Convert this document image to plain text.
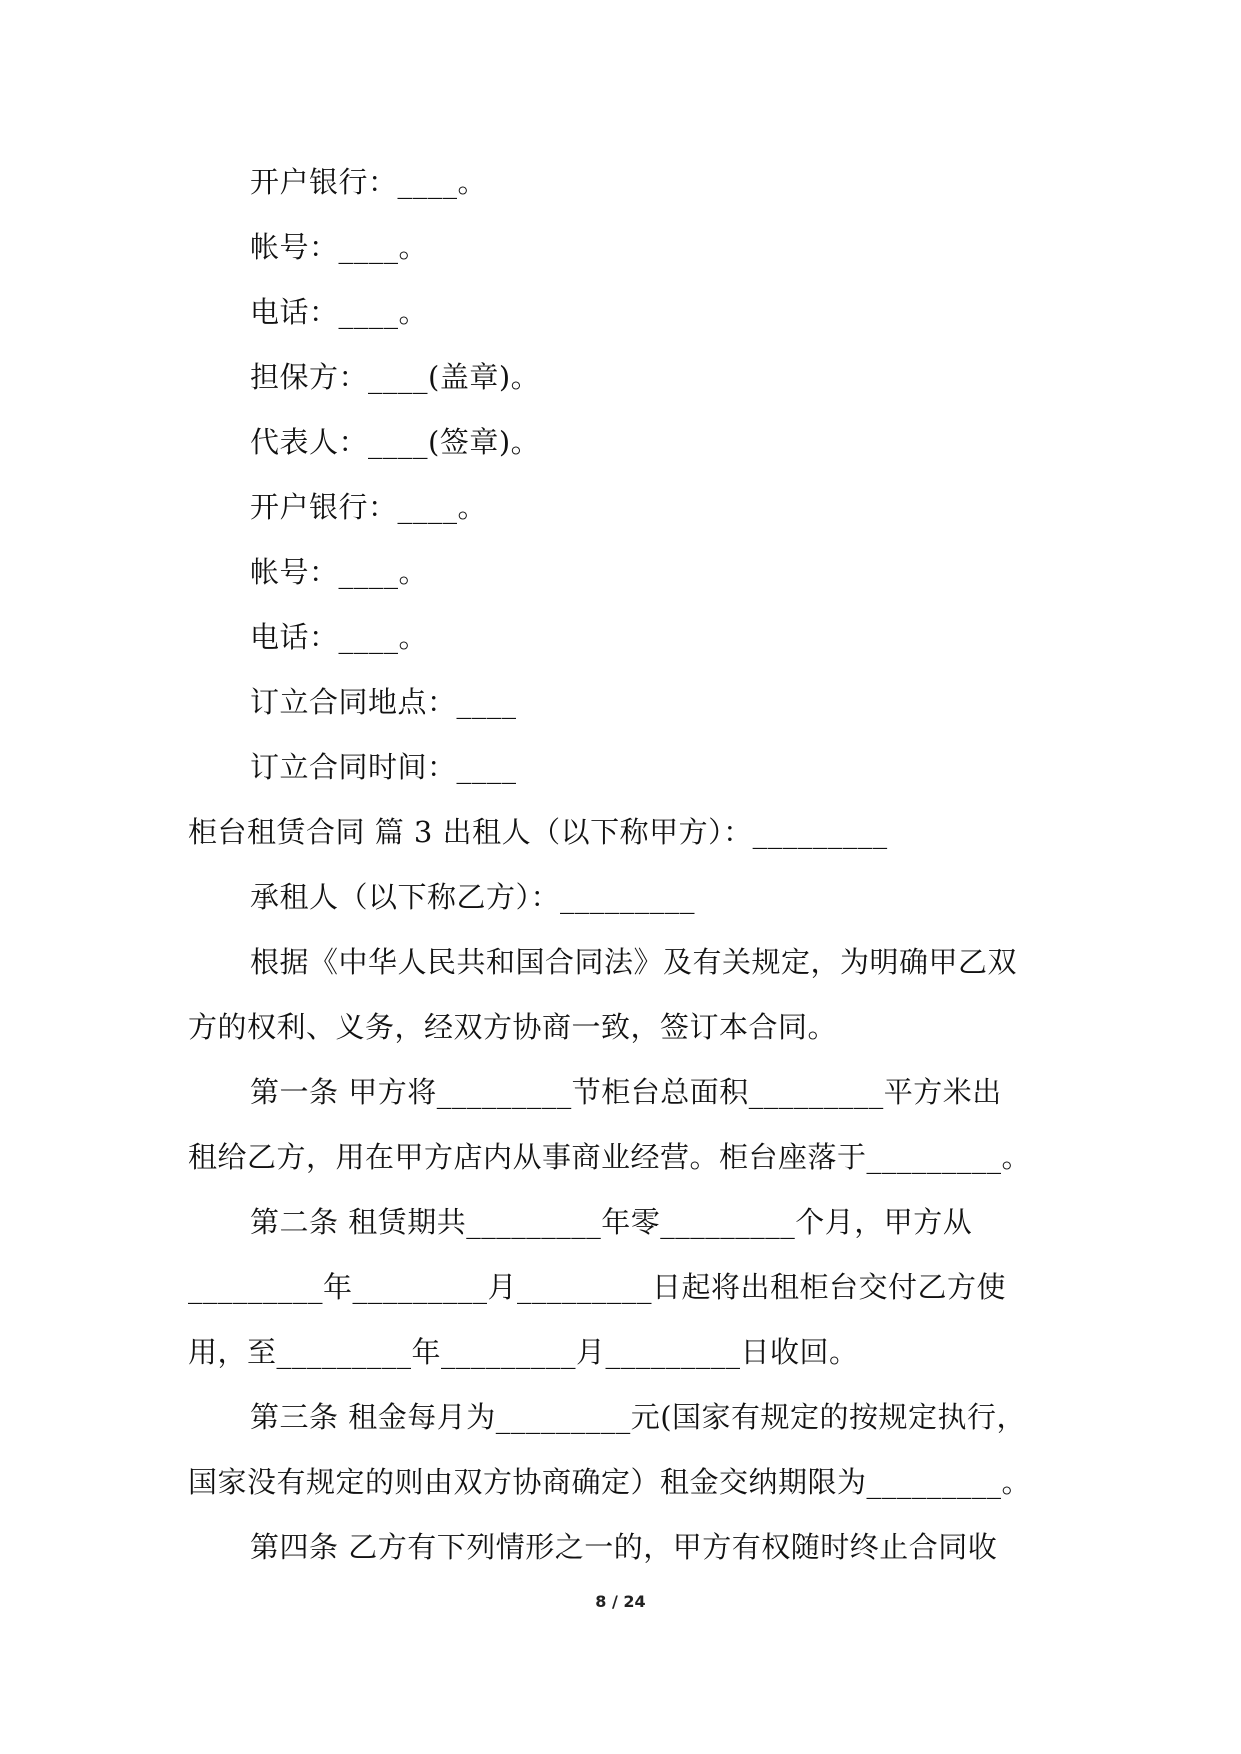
开户银行：____。
帐号：____。
电话：____。
担保方：____(盖章)。
代表人：____(签章)。
开户银行：____。
帐号：____。
电话：____。
订立合同地点：____
订立合同时间：____
柜台租赁合同 篇 3 出租人（以下称甲方）：_________
承租人（以下称乙方）：_________
根据《中华人民共和国合同法》及有关规定，为明确甲乙双
方的权利、义务，经双方协商一致，签订本合同。
第一条 甲方将_________节柜台总面积_________平方米出
租给乙方，用在甲方店内从事商业经营。柜台座落于_________。
第二条 租赁期共_________年零_________个月，甲方从
_________年_________月_________日起将出租柜台交付乙方使
用，至_________年_________月_________日收回。
第三条 租金每月为_________元(国家有规定的按规定执行，
国家没有规定的则由双方协商确定）租金交纳期限为_________。
第四条 乙方有下列情形之一的，甲方有权随时终止合同收
8 / 24
